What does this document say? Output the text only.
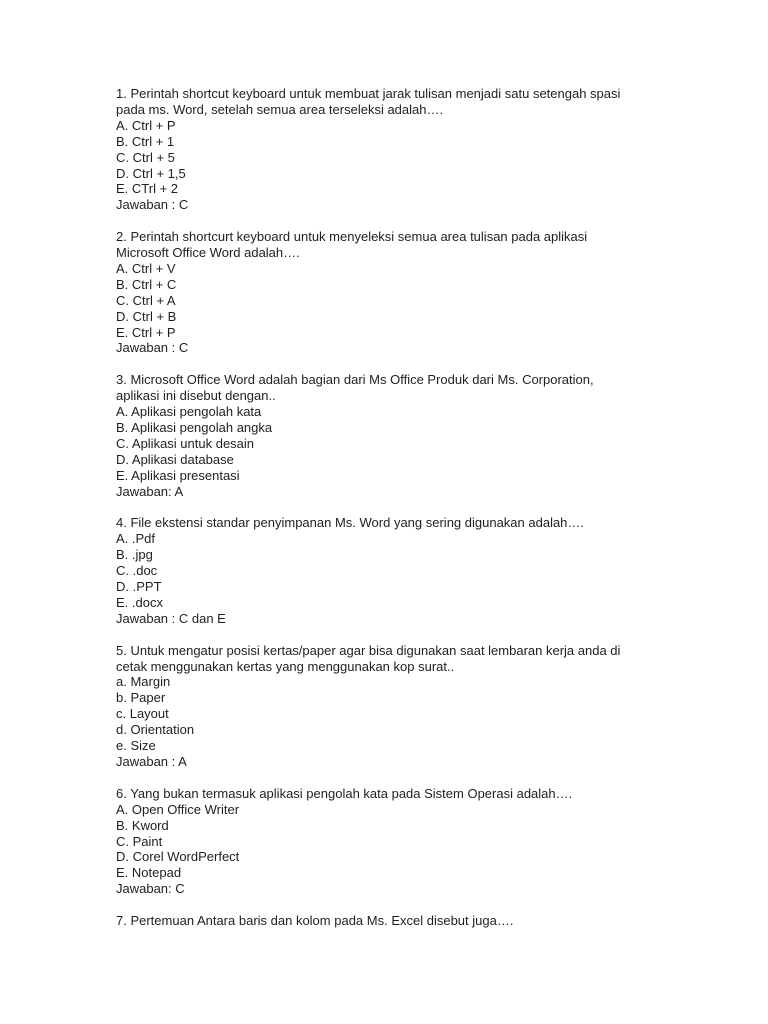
1. Perintah shortcut keyboard untuk membuat jarak tulisan menjadi satu setengah spasi
pada ms. Word, setelah semua area terseleksi adalah….
A. Ctrl + P
B. Ctrl + 1
C. Ctrl + 5
D. Ctrl + 1,5
E. CTrl + 2
Jawaban : C
2. Perintah shortcurt keyboard untuk menyeleksi semua area tulisan pada aplikasi
Microsoft Office Word adalah….
A. Ctrl + V
B. Ctrl + C
C. Ctrl + A
D. Ctrl + B
E. Ctrl + P
Jawaban : C
3. Microsoft Office Word adalah bagian dari Ms Office Produk dari Ms. Corporation,
aplikasi ini disebut dengan..
A. Aplikasi pengolah kata
B. Aplikasi pengolah angka
C. Aplikasi untuk desain
D. Aplikasi database
E. Aplikasi presentasi
Jawaban: A
4. File ekstensi standar penyimpanan Ms. Word yang sering digunakan adalah….
A. .Pdf
B. .jpg
C. .doc
D. .PPT
E. .docx
Jawaban : C dan E
5. Untuk mengatur posisi kertas/paper agar bisa digunakan saat lembaran kerja anda di
cetak menggunakan kertas yang menggunakan kop surat..
a. Margin
b. Paper
c. Layout
d. Orientation
e. Size
Jawaban : A
6. Yang bukan termasuk aplikasi pengolah kata pada Sistem Operasi adalah….
A. Open Office Writer
B. Kword
C. Paint
D. Corel WordPerfect
E. Notepad
Jawaban: C
7. Pertemuan Antara baris dan kolom pada Ms. Excel disebut juga….
